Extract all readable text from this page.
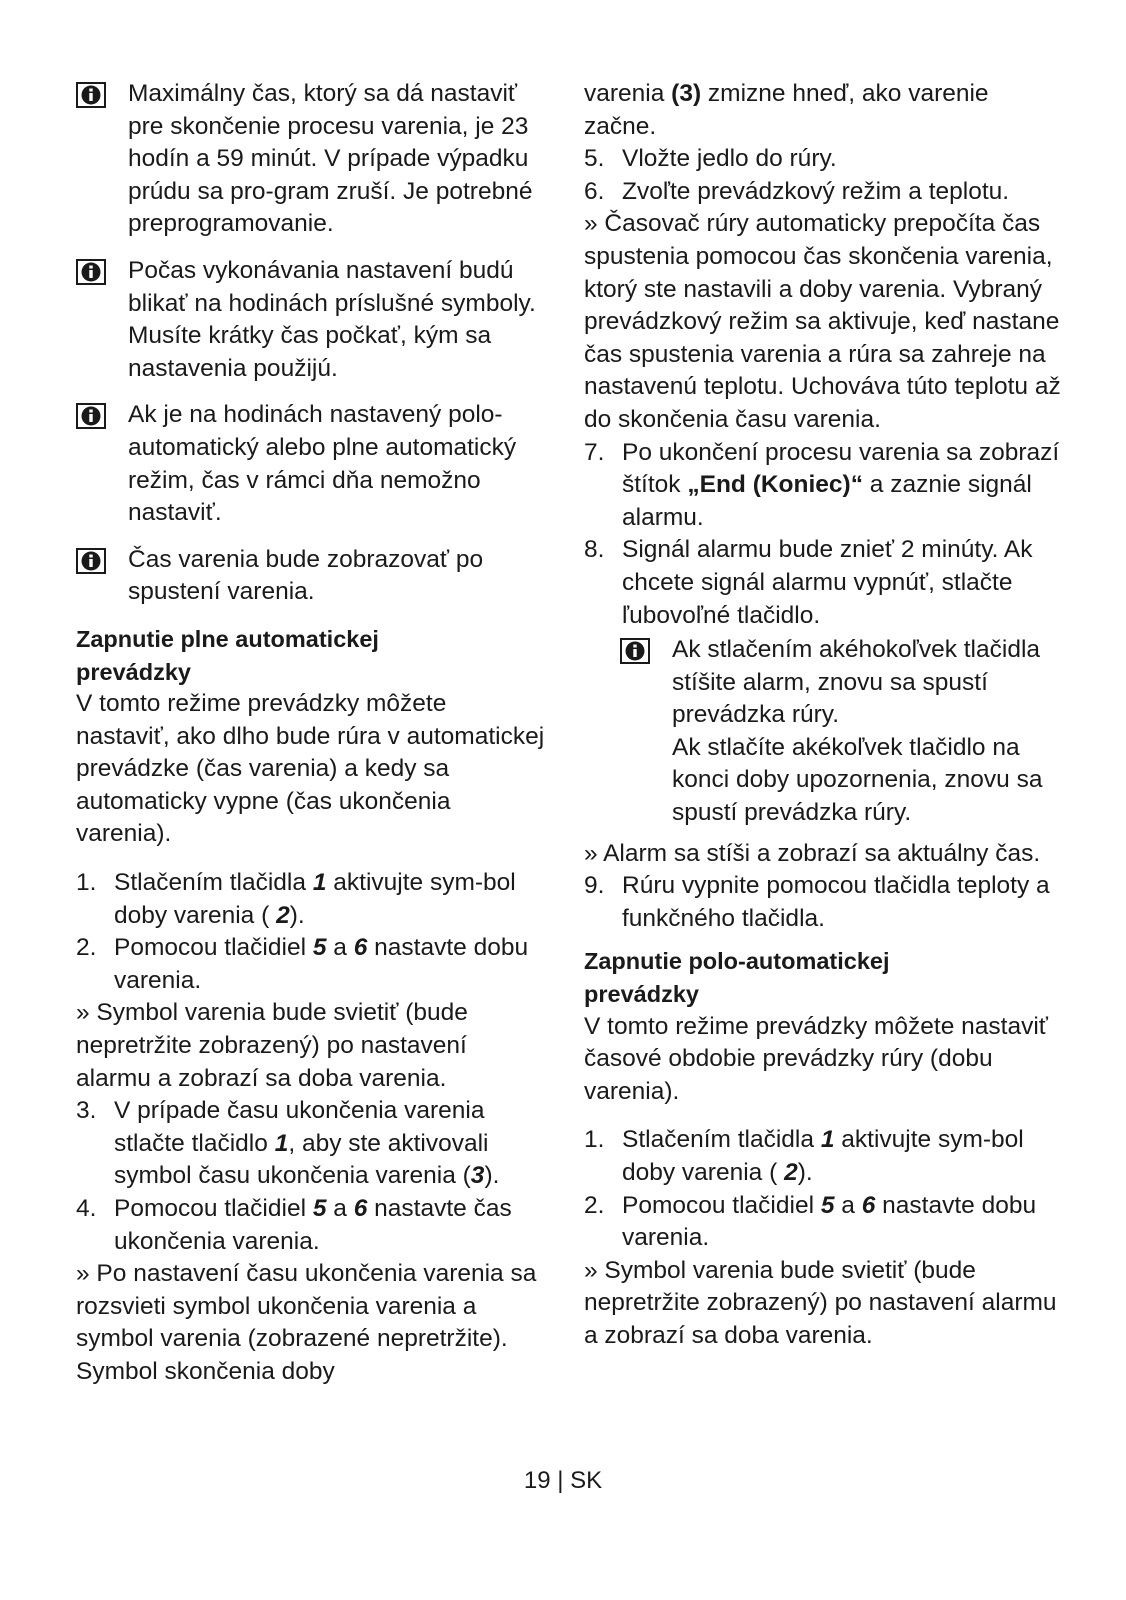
Maximálny čas, ktorý sa dá nastaviť pre skončenie procesu varenia, je 23 hodín a 59 minút. V prípade výpadku prúdu sa pro-gram zruší. Je potrebné preprogramovanie.

Počas vykonávania nastavení budú blikať na hodinách príslušné symboly. Musíte krátky čas počkať, kým sa nastavenia použijú.

Ak je na hodinách nastavený polo-automatický alebo plne automatický režim, čas v rámci dňa nemožno nastaviť.

Čas varenia bude zobrazovať po spustení varenia.

Zapnutie plne automatickej
prevádzky

V tomto režime prevádzky môžete nastaviť, ako dlho bude rúra v automatickej prevádzke (čas varenia) a kedy sa automaticky vypne (čas ukončenia varenia).

1. Stlačením tlačidla 1 aktivujte sym-bol doby varenia ( 2).
2. Pomocou tlačidiel 5 a 6 nastavte dobu varenia.

» Symbol varenia bude svietiť (bude nepretržite zobrazený) po nastavení alarmu a zobrazí sa doba varenia.

3. V prípade času ukončenia varenia stlačte tlačidlo 1, aby ste aktivovali symbol času ukončenia varenia (3).
4. Pomocou tlačidiel 5 a 6 nastavte čas ukončenia varenia.

» Po nastavení času ukončenia varenia sa rozsvieti symbol ukončenia varenia a symbol varenia (zobrazené nepretržite). Symbol skončenia doby

varenia (3) zmizne hneď, ako varenie začne.

5. Vložte jedlo do rúry.
6. Zvoľte prevádzkový režim a teplotu.

» Časovač rúry automaticky prepočíta čas spustenia pomocou čas skončenia varenia, ktorý ste nastavili a doby varenia. Vybraný prevádzkový režim sa aktivuje, keď nastane čas spustenia varenia a rúra sa zahreje na nastavenú teplotu. Uchováva túto teplotu až do skončenia času varenia.

7. Po ukončení procesu varenia sa zobrazí štítok „End (Koniec)“ a zaznie signál alarmu.
8. Signál alarmu bude znieť 2 minúty. Ak chcete signál alarmu vypnúť, stlačte ľubovoľné tlačidlo.

Ak stlačením akéhokoľvek tlačidla stíšite alarm, znovu sa spustí prevádzka rúry.

Ak stlačíte akékoľvek tlačidlo na konci doby upozornenia, znovu sa spustí prevádzka rúry.

» Alarm sa stíši a zobrazí sa aktuálny čas.

9. Rúru vypnite pomocou tlačidla teploty a funkčného tlačidla.

Zapnutie polo-automatickej
prevádzky

V tomto režime prevádzky môžete nastaviť časové obdobie prevádzky rúry (dobu varenia).

1. Stlačením tlačidla 1 aktivujte sym-bol doby varenia ( 2).
2. Pomocou tlačidiel 5 a 6 nastavte dobu varenia.

» Symbol varenia bude svietiť (bude nepretržite zobrazený) po nastavení alarmu a zobrazí sa doba varenia.

19 | SK
